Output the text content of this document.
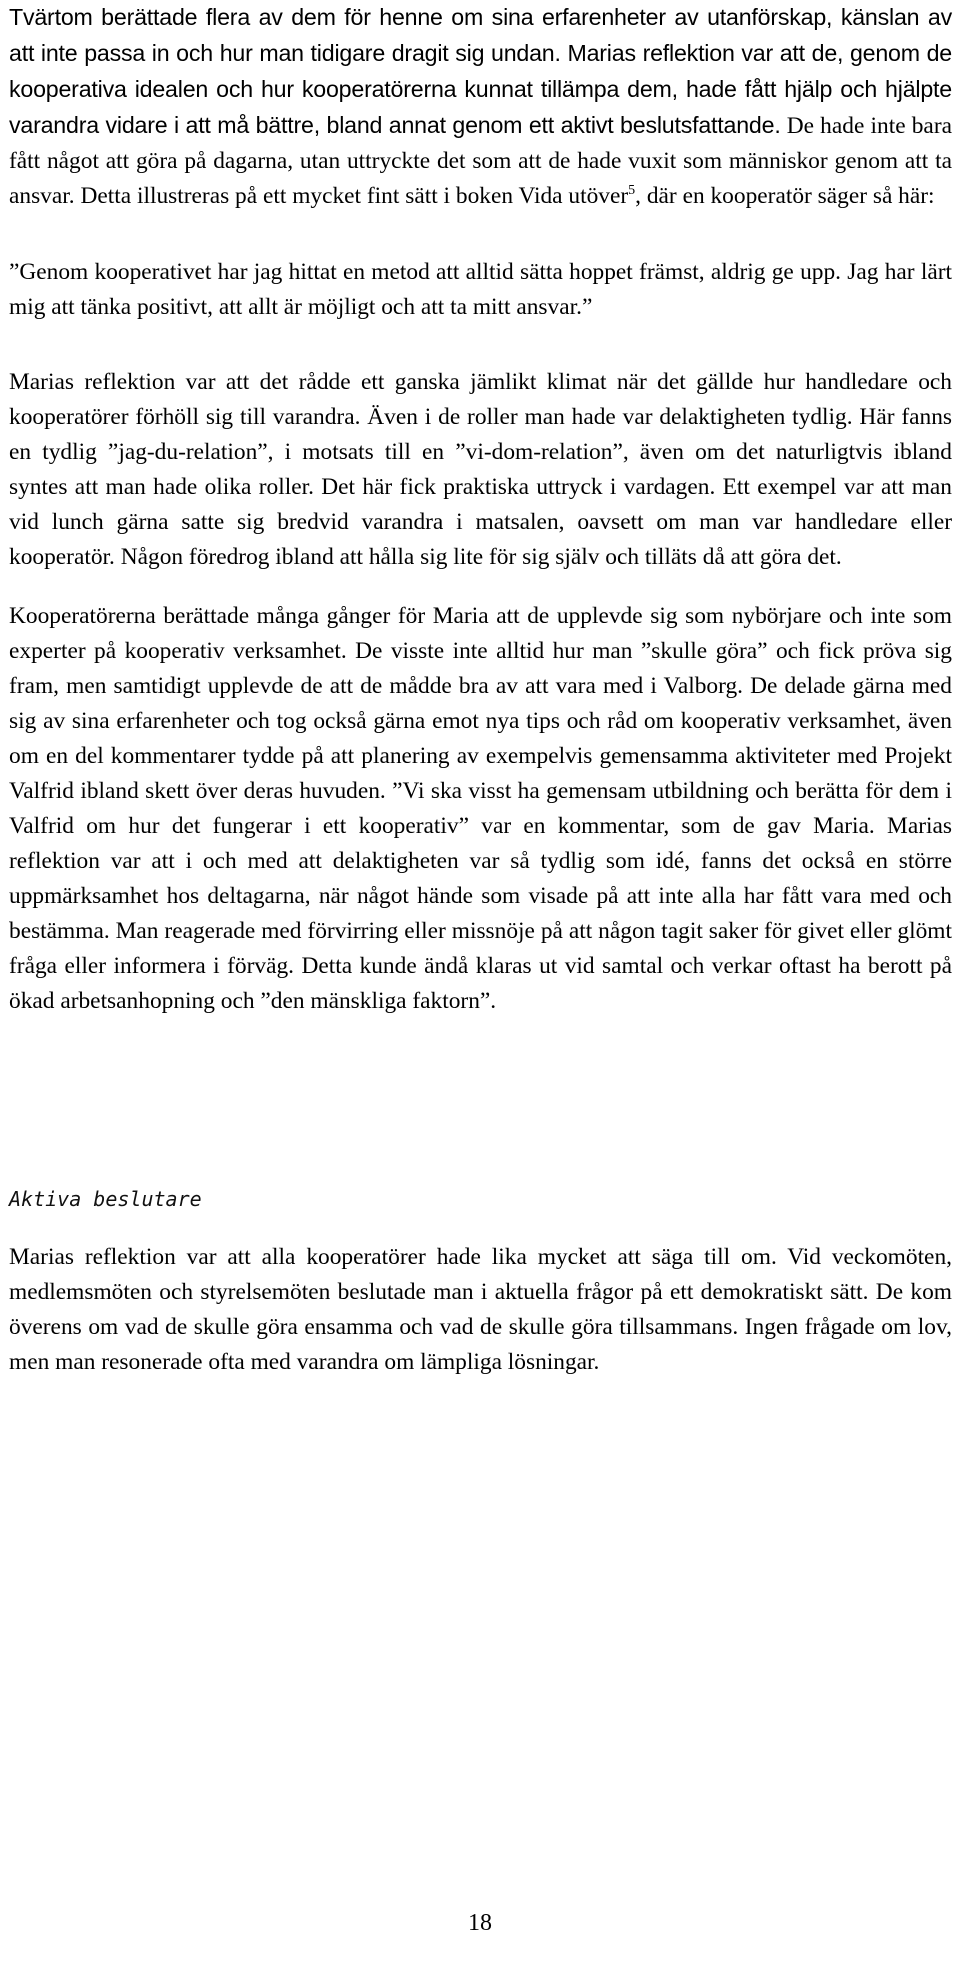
Tvärtom berättade flera av dem för henne om sina erfarenheter av utanförskap, känslan av att inte passa in och hur man tidigare dragit sig undan. Marias reflektion var att de, genom de kooperativa idealen och hur kooperatörerna kunnat tillämpa dem, hade fått hjälp och hjälpte varandra vidare i att må bättre, bland annat genom ett aktivt beslutsfattande. De hade inte bara fått något att göra på dagarna, utan uttryckte det som att de hade vuxit som människor genom att ta ansvar. Detta illustreras på ett mycket fint sätt i boken Vida utöver$^5$, där en kooperatör säger så här:

”Genom kooperativet har jag hittat en metod att alltid sätta hoppet främst, aldrig ge upp. Jag har lärt mig att tänka positivt, att allt är möjligt och att ta mitt ansvar.”

Marias reflektion var att det rådde ett ganska jämlikt klimat när det gällde hur handledare och kooperatörer förhöll sig till varandra. Även i de roller man hade var delaktigheten tydlig. Här fanns en tydlig ”jag-du-relation”, i motsats till en ”vi-dom-relation”, även om det naturligtvis ibland syntes att man hade olika roller. Det här fick praktiska uttryck i vardagen. Ett exempel var att man vid lunch gärna satte sig bredvid varandra i matsalen, oavsett om man var handledare eller kooperatör. Någon föredrog ibland att hålla sig lite för sig själv och tilläts då att göra det.

Kooperatörerna berättade många gånger för Maria att de upplevde sig som nybörjare och inte som experter på kooperativ verksamhet. De visste inte alltid hur man ”skulle göra” och fick pröva sig fram, men samtidigt upplevde de att de mådde bra av att vara med i Valborg. De delade gärna med sig av sina erfarenheter och tog också gärna emot nya tips och råd om kooperativ verksamhet, även om en del kommentarer tydde på att planering av exempelvis gemensamma aktiviteter med Projekt Valfrid ibland skett över deras huvuden. ”Vi ska visst ha gemensam utbildning och berätta för dem i Valfrid om hur det fungerar i ett kooperativ” var en kommentar, som de gav Maria. Marias reflektion var att i och med att delaktigheten var så tydlig som idé, fanns det också en större uppmärksamhet hos deltagarna, när något hände som visade på att inte alla har fått vara med och bestämma. Man reagerade med förvirring eller missnöje på att någon tagit saker för givet eller glömt fråga eller informera i förväg. Detta kunde ändå klaras ut vid samtal och verkar oftast ha berott på ökad arbetsanhopning och ”den mänskliga faktorn”.

Aktiva beslutare

Marias reflektion var att alla kooperatörer hade lika mycket att säga till om. Vid veckomöten, medlemsmöten och styrelsemöten beslutade man i aktuella frågor på ett demokratiskt sätt. De kom överens om vad de skulle göra ensamma och vad de skulle göra tillsammans. Ingen frågade om lov, men man resonerade ofta med varandra om lämpliga lösningar.

18
